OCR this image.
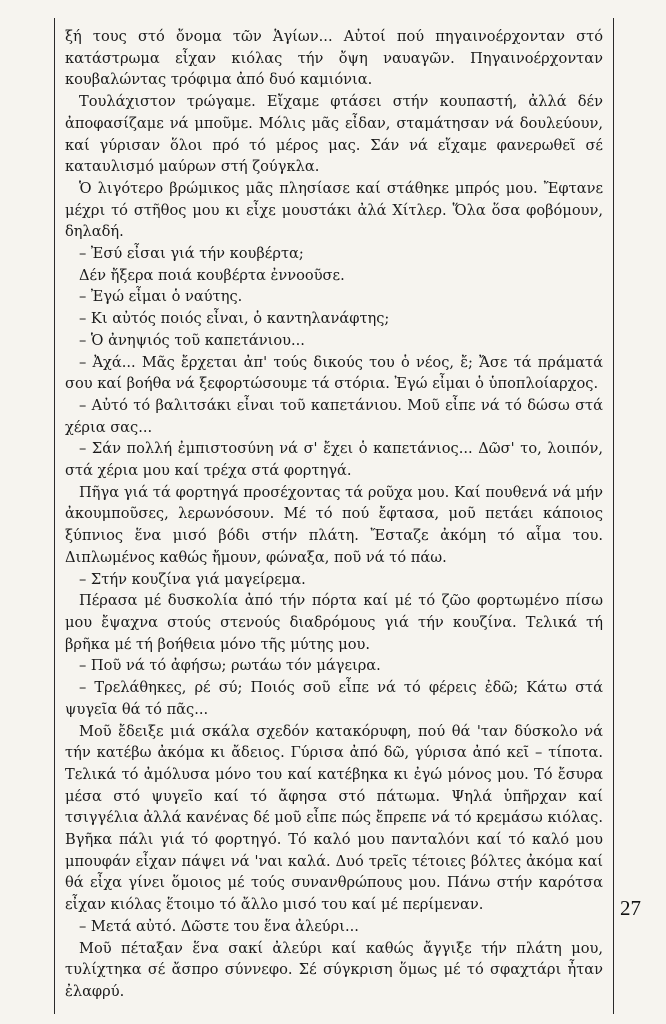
ξή τους στό ὄνομα τῶν Ἁγίων... Αὐτοί πού πηγαινοέρχονταν στό κατάστρωμα εἶχαν κιόλας τήν ὄψη ναυαγῶν. Πηγαινοέρχονταν κουβαλώντας τρόφιμα ἀπό δυό καμιόνια.

Τουλάχιστον τρώγαμε. Εἴχαμε φτάσει στήν κουπαστή, ἀλλά δέν ἀποφασίζαμε νά μποῦμε. Μόλις μᾶς εἶδαν, σταμάτησαν νά δουλεύουν, καί γύρισαν ὅλοι πρό τό μέρος μας. Σάν νά εἴχαμε φανερωθεῖ σέ καταυλισμό μαύρων στή ζούγκλα.

Ὁ λιγότερο βρώμικος μᾶς πλησίασε καί στάθηκε μπρός μου. Ἔφτανε μέχρι τό στῆθος μου κι εἶχε μουστάκι ἀλά Χίτλερ. Ὅλα ὅσα φοβόμουν, δηλαδή.

– Ἐσύ εἶσαι γιά τήν κουβέρτα;

Δέν ἤξερα ποιά κουβέρτα ἐννοοῦσε.

– Ἐγώ εἶμαι ὁ ναύτης.

– Κι αὐτός ποιός εἶναι, ὁ καντηλανάφτης;

– Ὁ ἀνηψιός τοῦ καπετάνιου...

– Ἀχά... Μᾶς ἔρχεται ἀπ' τούς δικούς του ὁ νέος, ἔ; Ἄσε τά πράματά σου καί βοήθα νά ξεφορτώσουμε τά στόρια. Ἐγώ εἶμαι ὁ ὑποπλοίαρχος.

– Αὐτό τό βαλιτσάκι εἶναι τοῦ καπετάνιου. Μοῦ εἶπε νά τό δώσω στά χέρια σας...

– Σάν πολλή ἐμπιστοσύνη νά σ' ἔχει ὁ καπετάνιος... Δῶσ' το, λοιπόν, στά χέρια μου καί τρέχα στά φορτηγά.

Πῆγα γιά τά φορτηγά προσέχοντας τά ροῦχα μου. Καί πουθενά νά μήν ἀκουμποῦσες, λερωνόσουν. Μέ τό πού ἔφτασα, μοῦ πετάει κάποιος ξύπνιος ἕνα μισό βόδι στήν πλάτη. Ἔσταζε ἀκόμη τό αἷμα του. Διπλωμένος καθώς ἤμουν, φώναξα, ποῦ νά τό πάω.

– Στήν κουζίνα γιά μαγείρεμα.

Πέρασα μέ δυσκολία ἀπό τήν πόρτα καί μέ τό ζῶο φορτωμένο πίσω μου ἔψαχνα στούς στενούς διαδρόμους γιά τήν κουζίνα. Τελικά τή βρῆκα μέ τή βοήθεια μόνο τῆς μύτης μου.

– Ποῦ νά τό ἀφήσω; ρωτάω τόν μάγειρα.

– Τρελάθηκες, ρέ σύ; Ποιός σοῦ εἶπε νά τό φέρεις ἐδῶ; Κάτω στά ψυγεῖα θά τό πᾶς...

Μοῦ ἔδειξε μιά σκάλα σχεδόν κατακόρυφη, πού θά 'ταν δύσκολο νά τήν κατέβω ἀκόμα κι ἄδειος. Γύρισα ἀπό δῶ, γύρισα ἀπό κεῖ – τίποτα. Τελικά τό ἀμόλυσα μόνο του καί κατέβηκα κι ἐγώ μόνος μου. Τό ἔσυρα μέσα στό ψυγεῖο καί τό ἄφησα στό πάτωμα. Ψηλά ὑπῆρχαν καί τσιγγέλια ἀλλά κανένας δέ μοῦ εἶπε πώς ἔπρεπε νά τό κρεμάσω κιόλας. Βγῆκα πάλι γιά τό φορτηγό. Τό καλό μου πανταλόνι καί τό καλό μου μπουφάν εἶχαν πάψει νά 'ναι καλά. Δυό τρεῖς τέτοιες βόλτες ἀκόμα καί θά εἶχα γίνει ὅμοιος μέ τούς συνανθρώπους μου. Πάνω στήν καρότσα εἶχαν κιόλας ἕτοιμο τό ἄλλο μισό του καί μέ περίμεναν.

– Μετά αὐτό. Δῶστε του ἕνα ἀλεύρι...

Μοῦ πέταξαν ἕνα σακί ἀλεύρι καί καθώς ἄγγιξε τήν πλάτη μου, τυλίχτηκα σέ ἄσπρο σύννεφο. Σέ σύγκριση ὅμως μέ τό σφαχτάρι ἦταν ἐλαφρύ.

27
